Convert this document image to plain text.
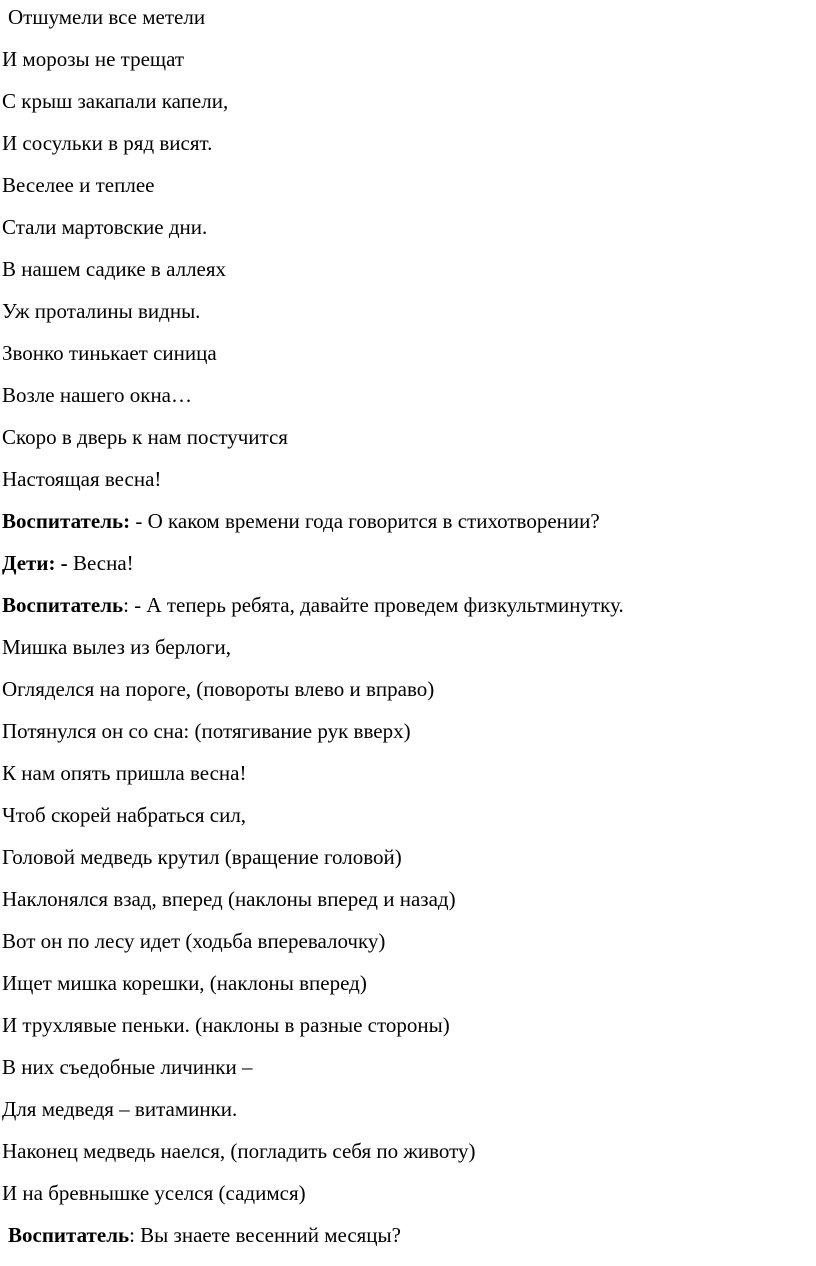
Отшумели все метели
И морозы не трещат
С крыш закапали капели,
И сосульки в ряд висят.
Веселее и теплее
Стали мартовские дни.
В нашем садике в аллеях
Уж проталины видны.
Звонко тинькает синица
Возле нашего окна…
Скоро в дверь к нам постучится
Настоящая весна!
Воспитатель: - О каком времени года говорится в стихотворении?
Дети: - Весна!
Воспитатель: - А теперь ребята, давайте проведем физкультминутку.
Мишка вылез из берлоги,
Огляделся на пороге, (повороты влево и вправо)
Потянулся он со сна: (потягивание рук вверх)
К нам опять пришла весна!
Чтоб скорей набраться сил,
Головой медведь крутил (вращение головой)
Наклонялся взад, вперед (наклоны вперед и назад)
Вот он по лесу идет (ходьба вперевалочку)
Ищет мишка корешки, (наклоны вперед)
И трухлявые пеньки. (наклоны в разные стороны)
В них съедобные личинки –
Для медведя – витаминки.
Наконец медведь наелся, (погладить себя по животу)
И на бревнышке уселся (садимся)
Воспитатель: Вы знаете весенний месяцы?
